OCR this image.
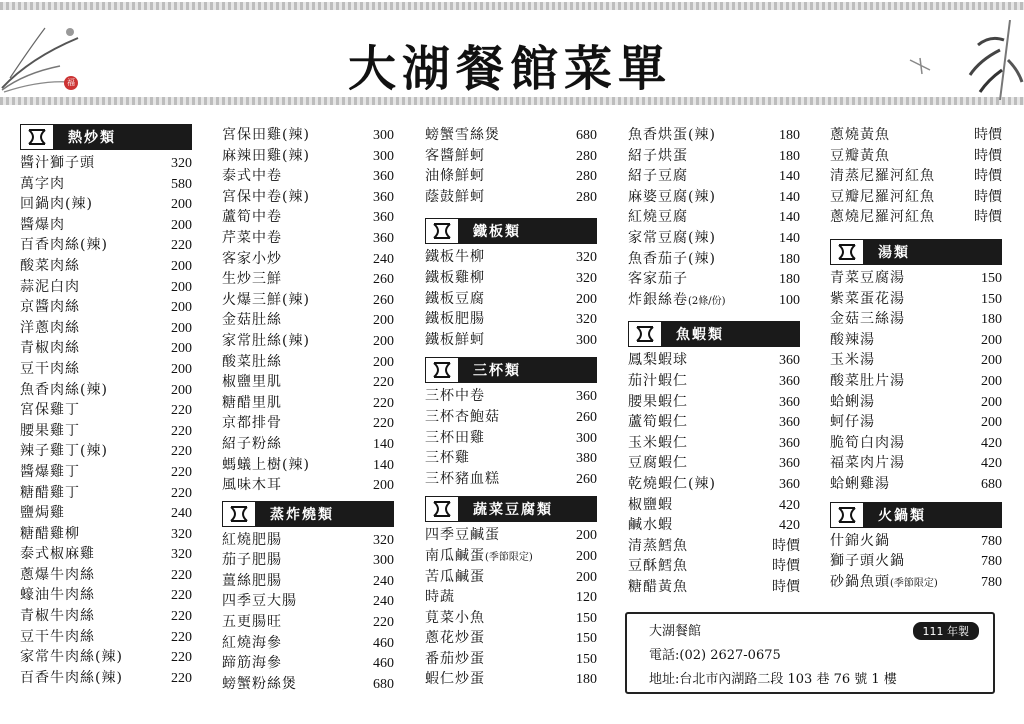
福	大湖餐館菜單
熱炒類
醬汁獅子頭	320
萬字肉	580
回鍋肉(辣)	200
醬爆肉	200
百香肉絲(辣)	220
酸菜肉絲	200
蒜泥白肉	200
京醬肉絲	200
洋蔥肉絲	200
青椒肉絲	200
豆干肉絲	200
魚香肉絲(辣)	200
宮保雞丁	220
腰果雞丁	220
辣子雞丁(辣)	220
醬爆雞丁	220
糖醋雞丁	220
鹽焗雞	240
糖醋雞柳	320
泰式椒麻雞	320
蔥爆牛肉絲	220
蠔油牛肉絲	220
青椒牛肉絲	220
豆干牛肉絲	220
家常牛肉絲(辣)	220
百香牛肉絲(辣)	220
宮保田雞(辣)	300
麻辣田雞(辣)	300
泰式中卷	360
宮保中卷(辣)	360
蘆筍中卷	360
芹菜中卷	360
客家小炒	240
生炒三鮮	260
火爆三鮮(辣)	260
金菇肚絲	200
家常肚絲(辣)	200
酸菜肚絲	200
椒鹽里肌	220
糖醋里肌	220
京都排骨	220
紹子粉絲	140
螞蟻上樹(辣)	140
風味木耳	200
蒸炸燒類
紅燒肥腸	320
茄子肥腸	300
薑絲肥腸	240
四季豆大腸	240
五更腸旺	220
紅燒海參	460
蹄筋海參	460
螃蟹粉絲煲	680
螃蟹雪絲煲	680
客醬鮮蚵	280
油條鮮蚵	280
蔭鼓鮮蚵	280
鐵板類
鐵板牛柳	320
鐵板雞柳	320
鐵板豆腐	200
鐵板肥腸	320
鐵板鮮蚵	300
三杯類
三杯中卷	360
三杯杏鮑菇	260
三杯田雞	300
三杯雞	380
三杯豬血糕	260
蔬菜豆腐類
四季豆鹹蛋	200
南瓜鹹蛋(季節限定)	200
苦瓜鹹蛋	200
時蔬	120
莧菜小魚	150
蔥花炒蛋	150
番茄炒蛋	150
蝦仁炒蛋	180
魚香烘蛋(辣)	180
紹子烘蛋	180
紹子豆腐	140
麻婆豆腐(辣)	140
紅燒豆腐	140
家常豆腐(辣)	140
魚香茄子(辣)	180
客家茄子	180
炸銀絲卷(2條/份)	100
魚蝦類
鳳梨蝦球	360
茄汁蝦仁	360
腰果蝦仁	360
蘆筍蝦仁	360
玉米蝦仁	360
豆腐蝦仁	360
乾燒蝦仁(辣)	360
椒鹽蝦	420
鹹水蝦	420
清蒸鱈魚	時價
豆酥鱈魚	時價
糖醋黃魚	時價
蔥燒黃魚	時價
豆瓣黃魚	時價
清蒸尼羅河紅魚	時價
豆瓣尼羅河紅魚	時價
蔥燒尼羅河紅魚	時價
湯類
青菜豆腐湯	150
紫菜蛋花湯	150
金菇三絲湯	180
酸辣湯	200
玉米湯	200
酸菜肚片湯	200
蛤蜊湯	200
蚵仔湯	200
脆筍白肉湯	420
福菜肉片湯	420
蛤蜊雞湯	680
火鍋類
什錦火鍋	780
獅子頭火鍋	780
砂鍋魚頭(季節限定)	780
111 年製
大湖餐館
電話:(02) 2627-0675
地址:台北市內湖路二段 103 巷 76 號 1 樓
